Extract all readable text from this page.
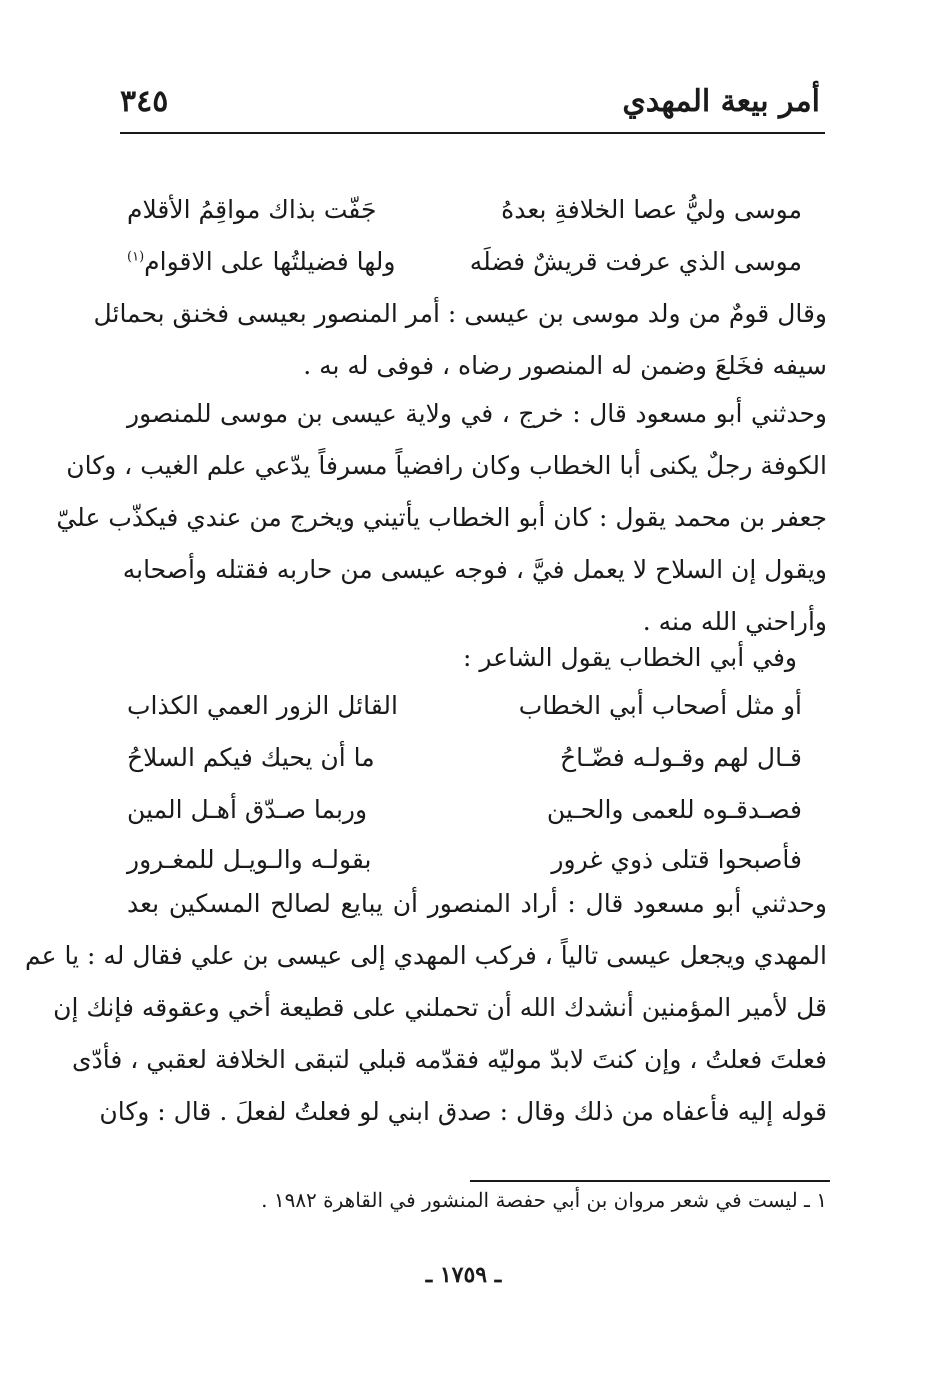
أمر بيعة المهدي
٣٤٥
موسى وليُّ عصا الخلافةِ بعدهُ
جَفّت بذاك مواقِمُ الأقلام
موسى الذي عرفت قريشٌ فضلَه
ولها فضيلتُها على الاقوام$^{(١)}$
وقال قومٌ من ولد موسى بن عيسى : أمر المنصور بعيسى فخنق بحمائل
سيفه فخَلعَ وضمن له المنصور رضاه ، فوفى له به .
وحدثني أبو مسعود قال : خرج ، في ولاية عيسى بن موسى للمنصور
الكوفة رجلٌ يكنى أبا الخطاب وكان رافضياً مسرفاً يدّعي علم الغيب ، وكان
جعفر بن محمد يقول : كان أبو الخطاب يأتيني ويخرج من عندي فيكذّب عليّ
ويقول إن السلاح لا يعمل فيَّ ، فوجه عيسى من حاربه فقتله وأصحابه
وأراحني الله منه .
وفي أبي الخطاب يقول الشاعر :
أو مثل أصحاب أبي الخطاب
القائل الزور العمي الكذاب
قـال لهم وقـولـه فضّـاحُ
ما أن يحيك فيكم السلاحُ
فصـدقـوه للعمى والحـين
وربما صـدّق أهـل المين
فأصبحوا قتلى ذوي غرور
بقولـه والـويـل للمغـرور
وحدثني أبو مسعود قال : أراد المنصور أن يبايع لصالح المسكين بعد
المهدي ويجعل عيسى تالياً ، فركب المهدي إلى عيسى بن علي فقال له : يا عم
قل لأمير المؤمنين أنشدك الله أن تحملني على قطيعة أخي وعقوقه فإنك إن
فعلتَ فعلتُ ، وإن كنتَ لابدّ موليّه فقدّمه قبلي لتبقى الخلافة لعقبي ، فأدّى
قوله إليه فأعفاه من ذلك وقال : صدق ابني لو فعلتُ لفعلَ . قال : وكان
١ ـ ليست في شعر مروان بن أبي حفصة المنشور في القاهرة ١٩٨٢ .
ـ ١٧٥٩ ـ
